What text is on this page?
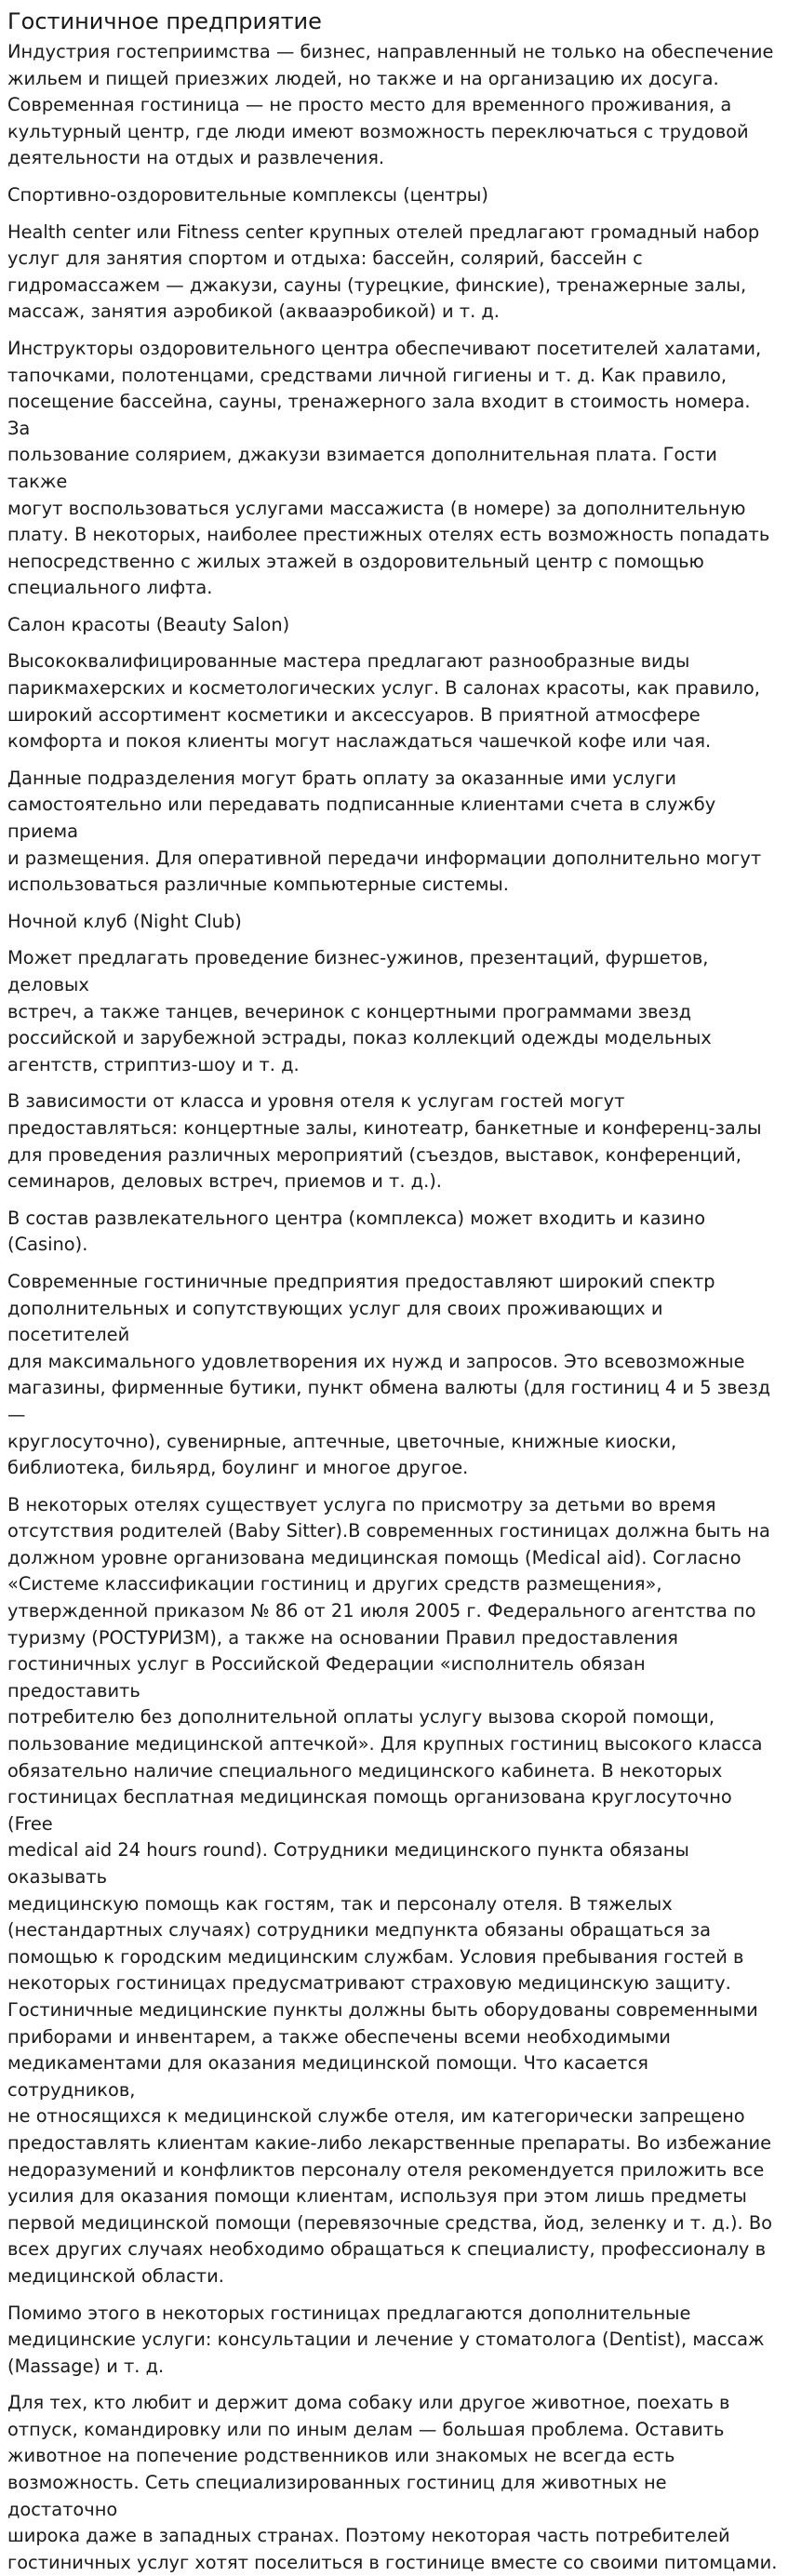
Гостиничное предприятие

Индустрия гостеприимства — бизнес, направленный не только на обеспечение
жильем и пищей приезжих людей, но также и на организацию их досуга.
Современная гостиница — не просто место для временного проживания, а
культурный центр, где люди имеют возможность переключаться с трудовой
деятельности на отдых и развлечения.

Спортивно-оздоровительные комплексы (центры)

Health center или Fitness center крупных отелей предлагают громадный набор
услуг для занятия спортом и отдыха: бассейн, солярий, бассейн с
гидромассажем — джакузи, сауны (турецкие, финские), тренажерные залы,
массаж, занятия аэробикой (аквааэробикой) и т. д.

Инструкторы оздоровительного центра обеспечивают посетителей халатами,
тапочками, полотенцами, средствами личной гигиены и т. д. Как правило,
посещение бассейна, сауны, тренажерного зала входит в стоимость номера. За
пользование солярием, джакузи взимается дополнительная плата. Гости также
могут воспользоваться услугами массажиста (в номере) за дополнительную
плату. В некоторых, наиболее престижных отелях есть возможность попадать
непосредственно с жилых этажей в оздоровительный центр с помощью
специального лифта.

Салон красоты (Beauty Salon)

Высококвалифицированные мастера предлагают разнообразные виды
парикмахерских и косметологических услуг. В салонах красоты, как правило,
широкий ассортимент косметики и аксессуаров. В приятной атмосфере
комфорта и покоя клиенты могут наслаждаться чашечкой кофе или чая.

Данные подразделения могут брать оплату за оказанные ими услуги
самостоятельно или передавать подписанные клиентами счета в службу приема
и размещения. Для оперативной передачи информации дополнительно могут
использоваться различные компьютерные системы.

Ночной клуб (Night Club)

Может предлагать проведение бизнес-ужинов, презентаций, фуршетов, деловых
встреч, а также танцев, вечеринок с концертными программами звезд
российской и зарубежной эстрады, показ коллекций одежды модельных
агентств, стриптиз-шоу и т. д.

В зависимости от класса и уровня отеля к услугам гостей могут
предоставляться: концертные залы, кинотеатр, банкетные и конференц-залы
для проведения различных мероприятий (съездов, выставок, конференций,
семинаров, деловых встреч, приемов и т. д.).

В состав развлекательного центра (комплекса) может входить и казино (Casino).

Современные гостиничные предприятия предоставляют широкий спектр
дополнительных и сопутствующих услуг для своих проживающих и посетителей
для максимального удовлетворения их нужд и запросов. Это всевозможные
магазины, фирменные бутики, пункт обмена валюты (для гостиниц 4 и 5 звезд —
круглосуточно), сувенирные, аптечные, цветочные, книжные киоски,
библиотека, бильярд, боулинг и многое другое.

В некоторых отелях существует услуга по присмотру за детьми во время
отсутствия родителей (Baby Sitter).В современных гостиницах должна быть на
должном уровне организована медицинская помощь (Medical aid). Согласно
«Системе классификации гостиниц и других средств размещения»,
утвержденной приказом № 86 от 21 июля 2005 г. Федерального агентства по
туризму (РОСТУРИЗМ), а также на основании Правил предоставления
гостиничных услуг в Российской Федерации «исполнитель обязан предоставить
потребителю без дополнительной оплаты услугу вызова скорой помощи,
пользование медицинской аптечкой». Для крупных гостиниц высокого класса
обязательно наличие специального медицинского кабинета. В некоторых
гостиницах бесплатная медицинская помощь организована круглосуточно (Free
medical aid 24 hours round). Сотрудники медицинского пункта обязаны оказывать
медицинскую помощь как гостям, так и персоналу отеля. В тяжелых
(нестандартных случаях) сотрудники медпункта обязаны обращаться за
помощью к городским медицинским службам. Условия пребывания гостей в
некоторых гостиницах предусматривают страховую медицинскую защиту.
Гостиничные медицинские пункты должны быть оборудованы современными
приборами и инвентарем, а также обеспечены всеми необходимыми
медикаментами для оказания медицинской помощи. Что касается сотрудников,
не относящихся к медицинской службе отеля, им категорически запрещено
предоставлять клиентам какие-либо лекарственные препараты. Во избежание
недоразумений и конфликтов персоналу отеля рекомендуется приложить все
усилия для оказания помощи клиентам, используя при этом лишь предметы
первой медицинской помощи (перевязочные средства, йод, зеленку и т. д.). Во
всех других случаях необходимо обращаться к специалисту, профессионалу в
медицинской области.

Помимо этого в некоторых гостиницах предлагаются дополнительные
медицинские услуги: консультации и лечение у стоматолога (Dentist), массаж
(Massage) и т. д.

Для тех, кто любит и держит дома собаку или другое животное, поехать в
отпуск, командировку или по иным делам — большая проблема. Оставить
животное на попечение родственников или знакомых не всегда есть
возможность. Сеть специализированных гостиниц для животных не достаточно
широка даже в западных странах. Поэтому некоторая часть потребителей
гостиничных услуг хотят поселиться в гостинице вместе со своими питомцами.
